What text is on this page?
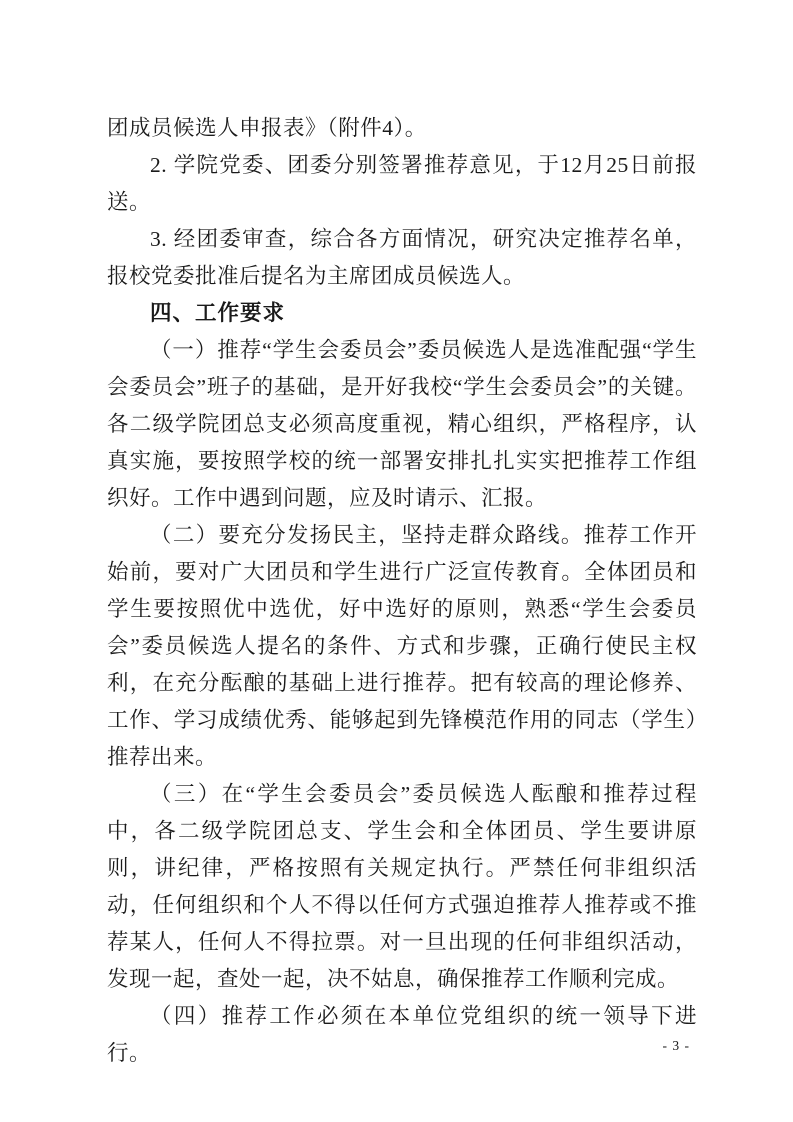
团成员候选人申报表》（附件4）。

2. 学院党委、团委分别签署推荐意见，于12月25日前报送。

3. 经团委审查，综合各方面情况，研究决定推荐名单，报校党委批准后提名为主席团成员候选人。

四、工作要求

（一）推荐“学生会委员会”委员候选人是选准配强“学生会委员会”班子的基础，是开好我校“学生会委员会”的关键。各二级学院团总支必须高度重视，精心组织，严格程序，认真实施，要按照学校的统一部署安排扎扎实实把推荐工作组织好。工作中遇到问题，应及时请示、汇报。

（二）要充分发扬民主，坚持走群众路线。推荐工作开始前，要对广大团员和学生进行广泛宣传教育。全体团员和学生要按照优中选优，好中选好的原则，熟悉“学生会委员会”委员候选人提名的条件、方式和步骤，正确行使民主权利，在充分酝酿的基础上进行推荐。把有较高的理论修养、工作、学习成绩优秀、能够起到先锋模范作用的同志（学生）推荐出来。

（三）在“学生会委员会”委员候选人酝酿和推荐过程中，各二级学院团总支、学生会和全体团员、学生要讲原则，讲纪律，严格按照有关规定执行。严禁任何非组织活动，任何组织和个人不得以任何方式强迫推荐人推荐或不推荐某人，任何人不得拉票。对一旦出现的任何非组织活动，发现一起，查处一起，决不姑息，确保推荐工作顺利完成。

（四）推荐工作必须在本单位党组织的统一领导下进行。	- 3 -
